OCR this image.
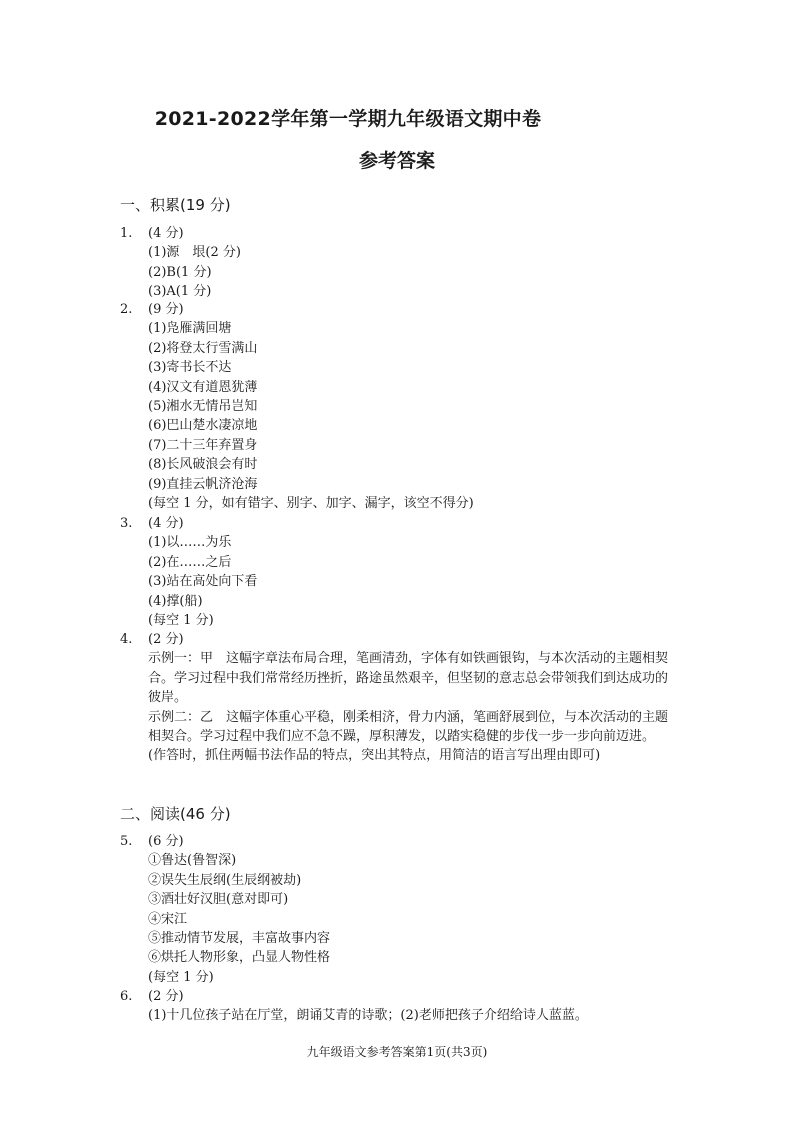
2021-2022学年第一学期九年级语文期中卷
参考答案
一、积累(19 分)
1. (4 分)
(1)源　垠(2 分)
(2)B(1 分)
(3)A(1 分)
2. (9 分)
(1)凫雁满回塘
(2)将登太行雪满山
(3)寄书长不达
(4)汉文有道恩犹薄
(5)湘水无情吊岂知
(6)巴山楚水凄凉地
(7)二十三年弃置身
(8)长风破浪会有时
(9)直挂云帆济沧海
(每空 1 分，如有错字、别字、加字、漏字，该空不得分)
3. (4 分)
(1)以……为乐
(2)在……之后
(3)站在高处向下看
(4)撑(船)
(每空 1 分)
4. (2 分)
示例一：甲　这幅字章法布局合理，笔画清劲，字体有如铁画银钩，与本次活动的主题相契合。学习过程中我们常常经历挫折，路途虽然艰辛，但坚韧的意志总会带领我们到达成功的彼岸。
示例二：乙　这幅字体重心平稳，刚柔相济，骨力内涵，笔画舒展到位，与本次活动的主题相契合。学习过程中我们应不急不躁，厚积薄发，以踏实稳健的步伐一步一步向前迈进。
(作答时，抓住两幅书法作品的特点，突出其特点，用简洁的语言写出理由即可)
二、阅读(46 分)
5. (6 分)
①鲁达(鲁智深)
②误失生辰纲(生辰纲被劫)
③酒壮好汉胆(意对即可)
④宋江
⑤推动情节发展，丰富故事内容
⑥烘托人物形象，凸显人物性格
(每空 1 分)
6. (2 分)
(1)十几位孩子站在厅堂，朗诵艾青的诗歌；(2)老师把孩子介绍给诗人蓝蓝。
九年级语文参考答案第1页(共3页)
